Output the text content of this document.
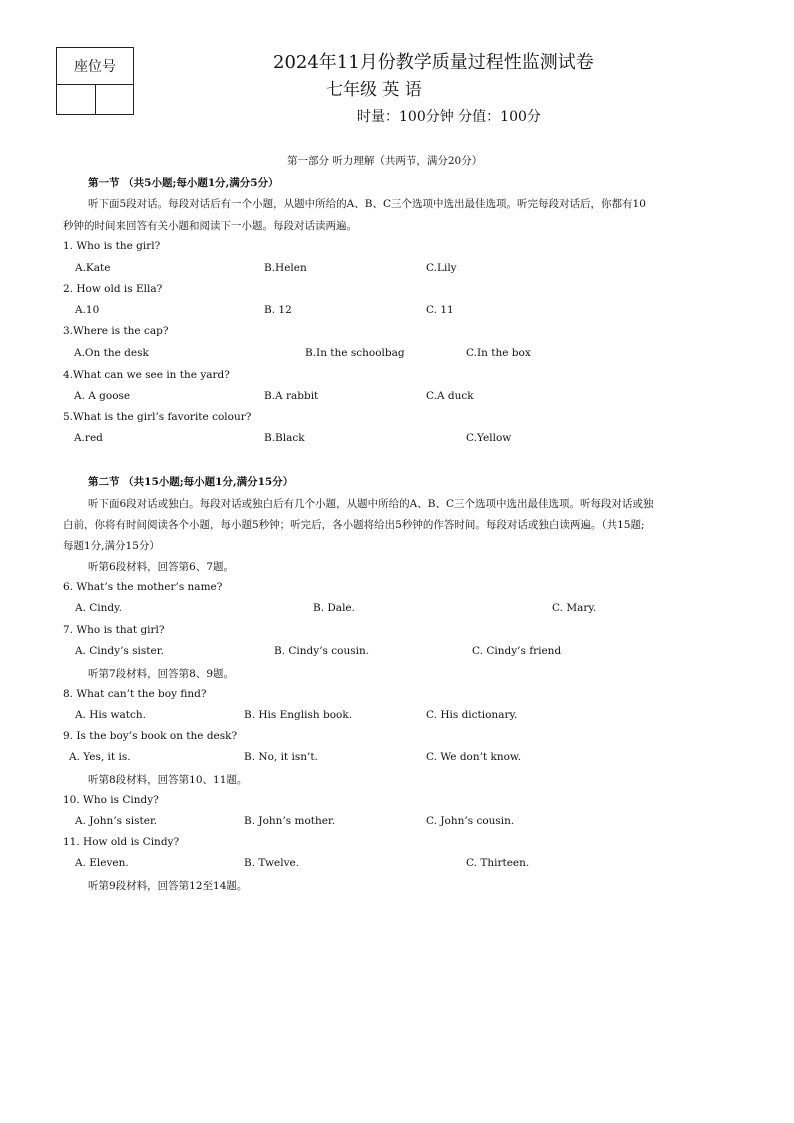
座位号	2024年11月份教学质量过程性监测试卷
七年级 英 语
时量：100分钟 分值：100分
第一部分 听力理解（共两节，满分20分）
第一节 （共5小题;每小题1分,满分5分）
听下面5段对话。每段对话后有一个小题，从题中所给的A、B、C三个选项中选出最佳选项。听完每段对话后，你都有10
秒钟的时间来回答有关小题和阅读下一小题。每段对话读两遍。
1. Who is the girl?
A.Kate	B.Helen	C.Lily
2. How old is Ella?
A.10	B. 12	C. 11
3.Where is the cap?
A.On the desk	B.In the schoolbag	C.In the box
4.What can we see in the yard?
A. A goose	B.A rabbit	C.A duck
5.What is the girl’s favorite colour?
A.red	B.Black	C.Yellow
第二节 （共15小题;每小题1分,满分15分）
听下面6段对话或独白。每段对话或独白后有几个小题，从题中所给的A、B、C三个选项中选出最佳选项。听每段对话或独
白前，你将有时间阅读各个小题，每小题5秒钟；听完后，各小题将给出5秒钟的作答时间。每段对话或独白读两遍。（共15题;
每题1分,满分15分）
听第6段材料，回答第6、7题。
6. What’s the mother’s name?
A. Cindy.	B. Dale.	C. Mary.
7. Who is that girl?
A. Cindy’s sister.	B. Cindy’s cousin.	C. Cindy’s friend
听第7段材料，回答第8、9题。
8. What can’t the boy find?
A. His watch.	B. His English book.	C. His dictionary.
9. Is the boy’s book on the desk?
A. Yes, it is.	B. No, it isn’t.	C. We don’t know.
听第8段材料，回答第10、11题。
10. Who is Cindy?
A. John’s sister.	B. John’s mother.	C. John’s cousin.
11. How old is Cindy?
A. Eleven.	B. Twelve.	C. Thirteen.
听第9段材料，回答第12至14题。
